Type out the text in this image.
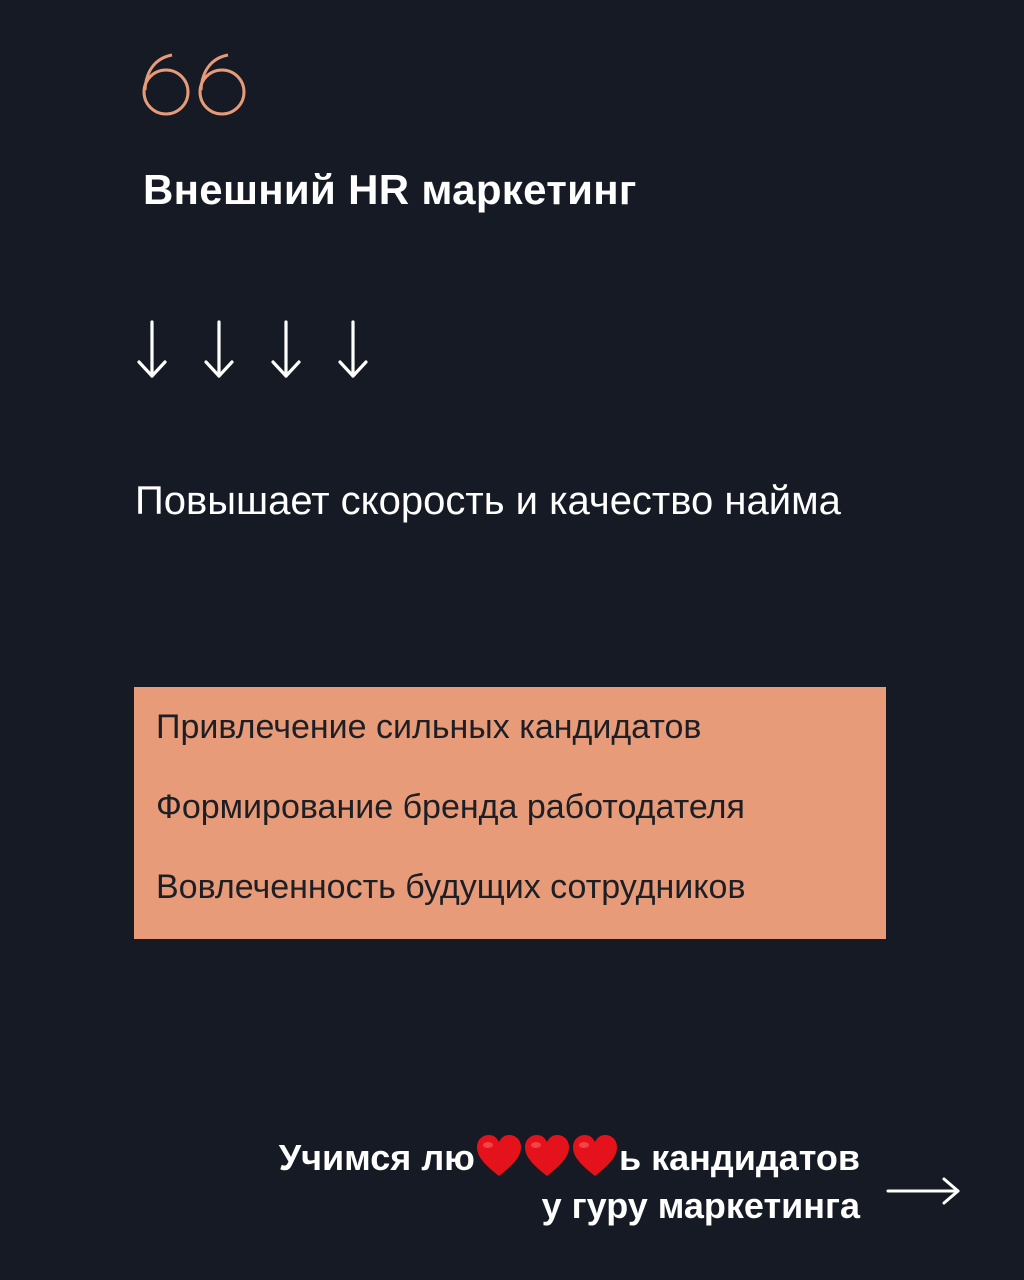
Внешний HR маркетинг
Повышает скорость и качество найма
Привлечение сильных кандидатов
Формирование бренда работодателя
Вовлеченность будущих сотрудников
Учимся лю	ь кандидатов
у гуру маркетинга
